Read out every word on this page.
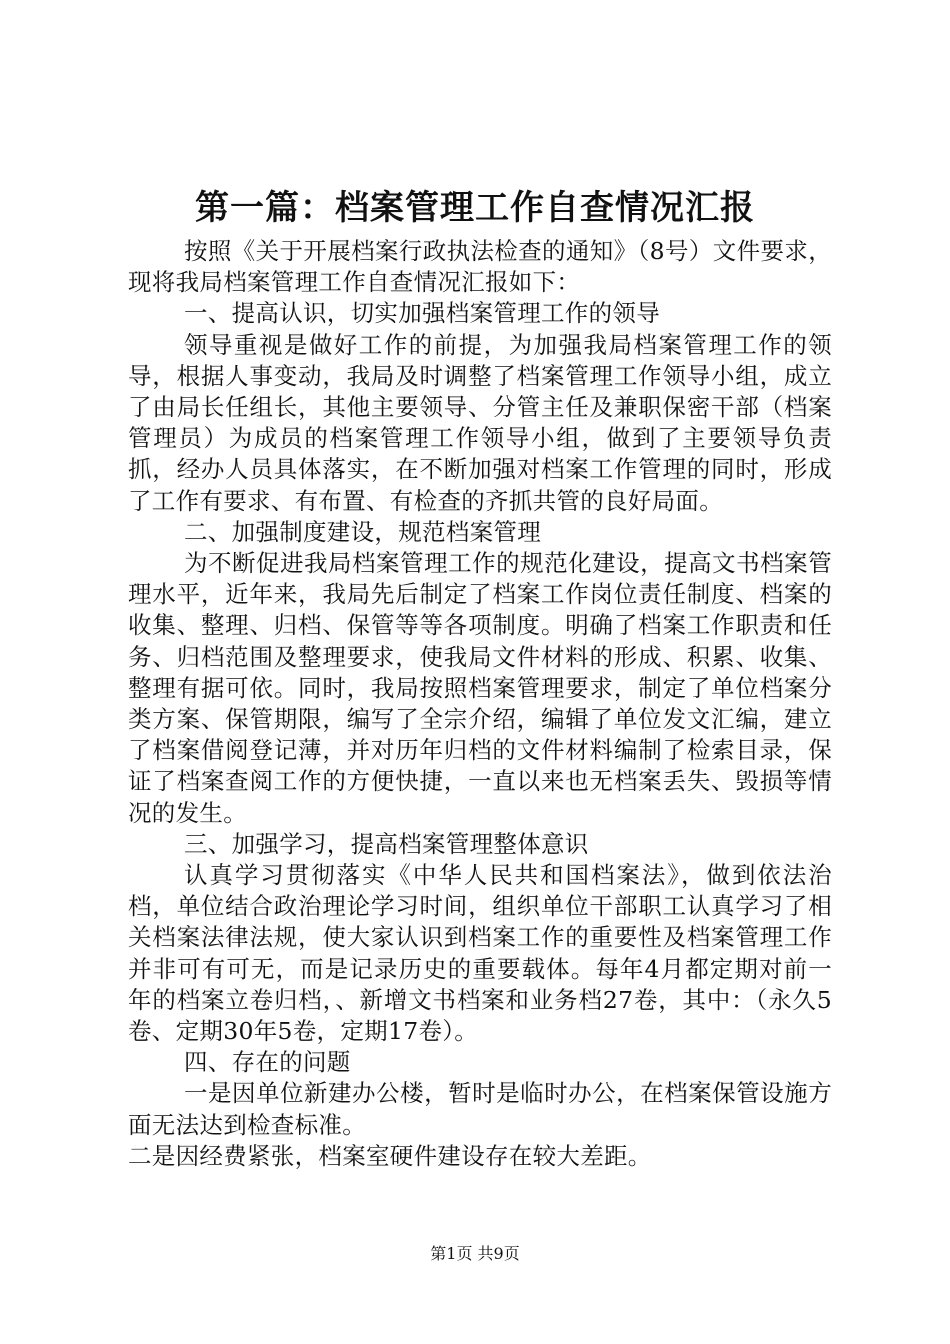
第一篇：档案管理工作自查情况汇报

按照《关于开展档案行政执法检查的通知》（8号）文件要求，现将我局档案管理工作自查情况汇报如下：

一、提高认识，切实加强档案管理工作的领导

领导重视是做好工作的前提，为加强我局档案管理工作的领导，根据人事变动，我局及时调整了档案管理工作领导小组，成立了由局长任组长，其他主要领导、分管主任及兼职保密干部（档案管理员）为成员的档案管理工作领导小组，做到了主要领导负责抓，经办人员具体落实，在不断加强对档案工作管理的同时，形成了工作有要求、有布置、有检查的齐抓共管的良好局面。

二、加强制度建设，规范档案管理

为不断促进我局档案管理工作的规范化建设，提高文书档案管理水平，近年来，我局先后制定了档案工作岗位责任制度、档案的收集、整理、归档、保管等等各项制度。明确了档案工作职责和任务、归档范围及整理要求，使我局文件材料的形成、积累、收集、整理有据可依。同时，我局按照档案管理要求，制定了单位档案分类方案、保管期限，编写了全宗介绍，编辑了单位发文汇编，建立了档案借阅登记薄，并对历年归档的文件材料编制了检索目录，保证了档案查阅工作的方便快捷，一直以来也无档案丢失、毁损等情况的发生。

三、加强学习，提高档案管理整体意识

认真学习贯彻落实《中华人民共和国档案法》，做到依法治档，单位结合政治理论学习时间，组织单位干部职工认真学习了相关档案法律法规，使大家认识到档案工作的重要性及档案管理工作并非可有可无，而是记录历史的重要载体。每年4月都定期对前一年的档案立卷归档，、新增文书档案和业务档27卷，其中：（永久5卷、定期30年5卷，定期17卷）。

四、存在的问题

一是因单位新建办公楼，暂时是临时办公，在档案保管设施方面无法达到检查标准。

二是因经费紧张，档案室硬件建设存在较大差距。

第1页 共9页
